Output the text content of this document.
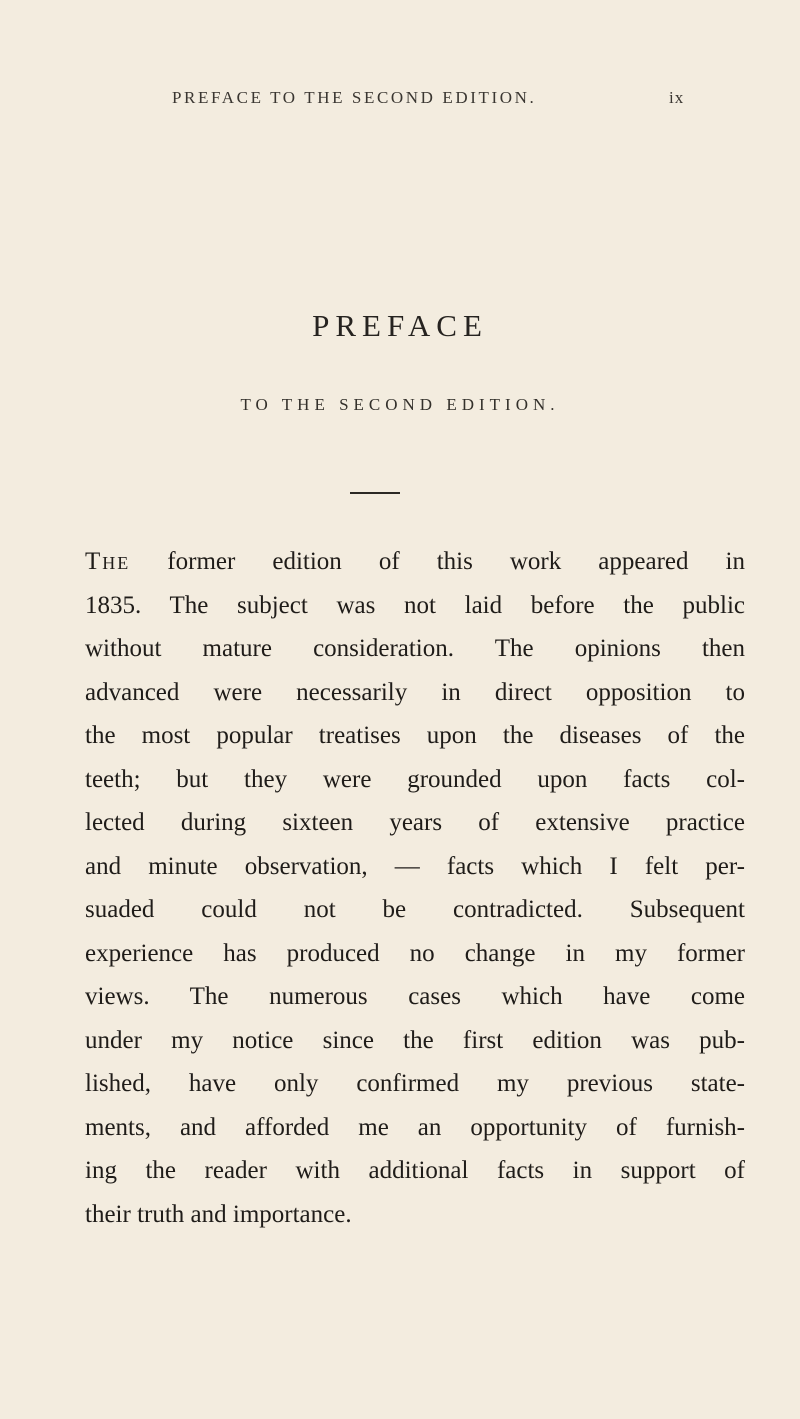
PREFACE TO THE SECOND EDITION.	ix
PREFACE
TO THE SECOND EDITION.
The former edition of this work appeared in
1835. The subject was not laid before the public
without mature consideration. The opinions then
advanced were necessarily in direct opposition to
the most popular treatises upon the diseases of the
teeth; but they were grounded upon facts col-
lected during sixteen years of extensive practice
and minute observation, — facts which I felt per-
suaded could not be contradicted. Subsequent
experience has produced no change in my former
views. The numerous cases which have come
under my notice since the first edition was pub-
lished, have only confirmed my previous state-
ments, and afforded me an opportunity of furnish-
ing the reader with additional facts in support of
their truth and importance.
